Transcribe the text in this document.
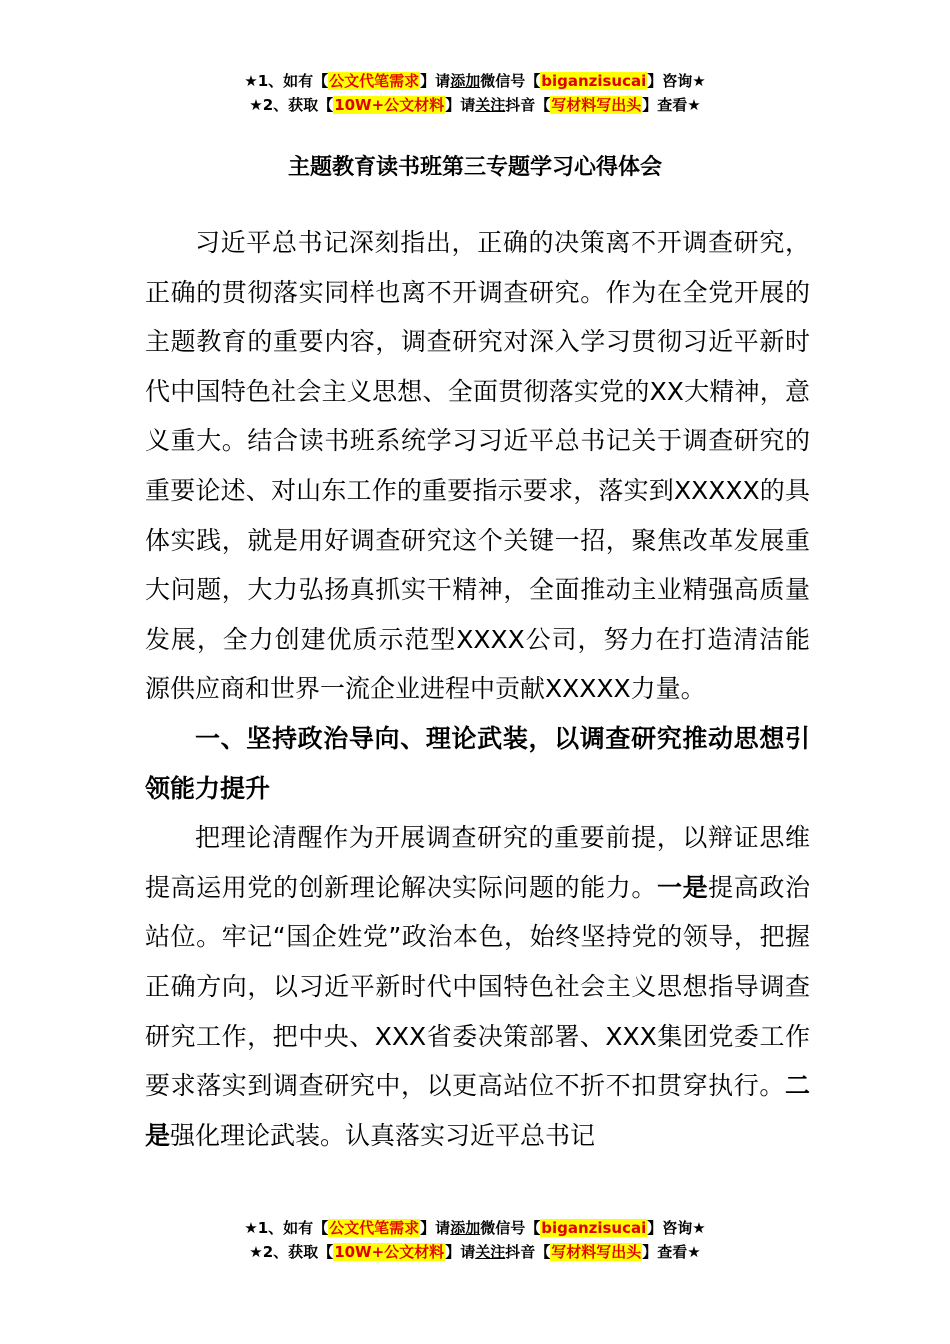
★1、如有【公文代笔需求】请添加微信号【biganzisucai】咨询★
★2、获取【10W+公文材料】请关注抖音【写材料写出头】查看★
主题教育读书班第三专题学习心得体会

习近平总书记深刻指出，正确的决策离不开调查研究，正确的贯彻落实同样也离不开调查研究。作为在全党开展的主题教育的重要内容，调查研究对深入学习贯彻习近平新时代中国特色社会主义思想、全面贯彻落实党的XX大精神，意义重大。结合读书班系统学习习近平总书记关于调查研究的重要论述、对山东工作的重要指示要求，落实到XXXXX的具体实践，就是用好调查研究这个关键一招，聚焦改革发展重大问题，大力弘扬真抓实干精神，全面推动主业精强高质量发展，全力创建优质示范型XXXX公司，努力在打造清洁能源供应商和世界一流企业进程中贡献XXXXX力量。

一、坚持政治导向、理论武装，以调查研究推动思想引领能力提升

把理论清醒作为开展调查研究的重要前提，以辩证思维提高运用党的创新理论解决实际问题的能力。一是提高政治站位。牢记“国企姓党”政治本色，始终坚持党的领导，把握正确方向，以习近平新时代中国特色社会主义思想指导调查研究工作，把中央、XXX省委决策部署、XXX集团党委工作要求落实到调查研究中，以更高站位不折不扣贯穿执行。二是强化理论武装。认真落实习近平总书记

★1、如有【公文代笔需求】请添加微信号【biganzisucai】咨询★
★2、获取【10W+公文材料】请关注抖音【写材料写出头】查看★
